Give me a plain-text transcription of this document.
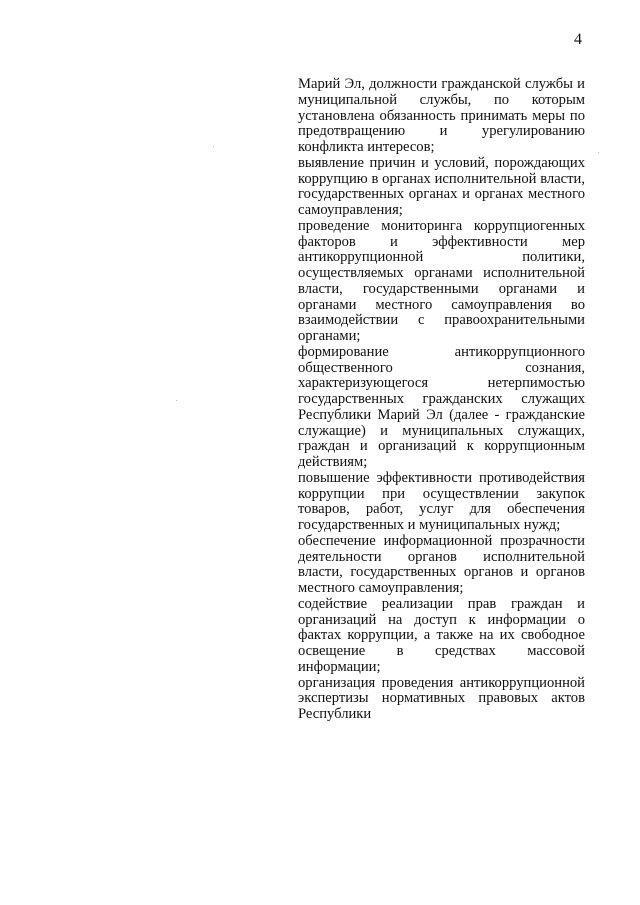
4

Марий Эл, должности гражданской службы и муниципальной службы, по которым установлена обязанность принимать меры по предотвращению и урегулированию конфликта интересов;

выявление причин и условий, порождающих коррупцию в органах исполнительной власти, государственных органах и органах местного самоуправления;

проведение мониторинга коррупциогенных факторов и эффективности мер антикоррупционной политики, осуществляемых органами исполнительной власти, государственными органами и органами местного самоуправления во взаимодействии с правоохранительными органами;

формирование антикоррупционного общественного сознания, характеризующегося нетерпимостью государственных гражданских служащих Республики Марий Эл (далее - гражданские служащие) и муниципальных служащих, граждан и организаций к коррупционным действиям;

повышение эффективности противодействия коррупции при осуществлении закупок товаров, работ, услуг для обеспечения государственных и муниципальных нужд;

обеспечение информационной прозрачности деятельности органов исполнительной власти, государственных органов и органов местного самоуправления;

содействие реализации прав граждан и организаций на доступ к информации о фактах коррупции, а также на их свободное освещение в средствах массовой информации;

организация проведения антикоррупционной экспертизы нормативных правовых актов Республики
